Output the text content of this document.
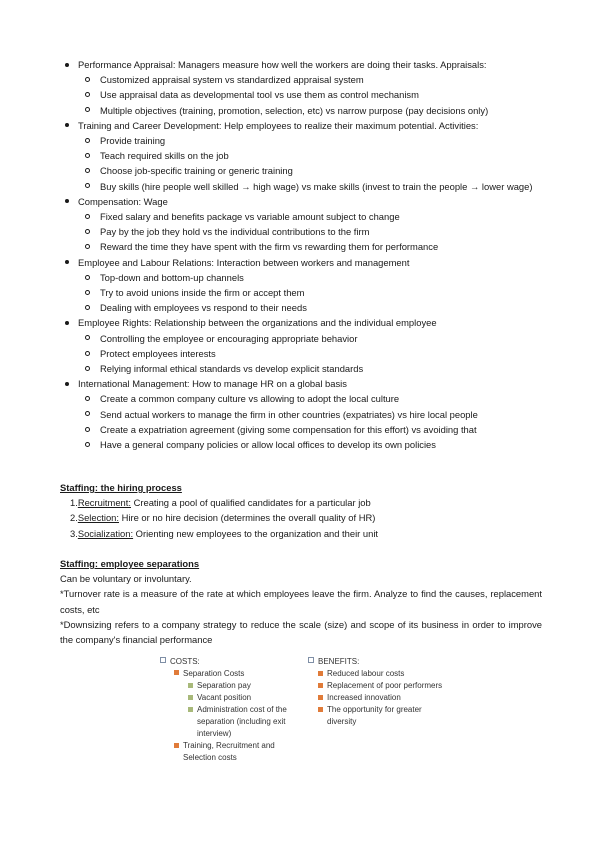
Performance Appraisal: Managers measure how well the workers are doing their tasks. Appraisals:
Customized appraisal system vs standardized appraisal system
Use appraisal data as developmental tool vs use them as control mechanism
Multiple objectives (training, promotion, selection, etc) vs narrow purpose (pay decisions only)
Training and Career Development: Help employees to realize their maximum potential. Activities:
Provide training
Teach required skills on the job
Choose job-specific training or generic training
Buy skills (hire people well skilled → high wage) vs make skills (invest to train the people → lower wage)
Compensation: Wage
Fixed salary and benefits package vs variable amount subject to change
Pay by the job they hold vs the individual contributions to the firm
Reward the time they have spent with the firm vs rewarding them for performance
Employee and Labour Relations: Interaction between workers and management
Top-down and bottom-up channels
Try to avoid unions inside the firm or accept them
Dealing with employees vs respond to their needs
Employee Rights: Relationship between the organizations and the individual employee
Controlling the employee or encouraging appropriate behavior
Protect employees interests
Relying informal ethical standards vs develop explicit standards
International Management: How to manage HR on a global basis
Create a common company culture vs allowing to adopt the local culture
Send actual workers to manage the firm in other countries (expatriates) vs hire local people
Create a expatriation agreement (giving some compensation for this effort) vs avoiding that
Have a general company policies or allow local offices to develop its own policies
Staffing: the hiring process
1.Recruitment: Creating a pool of qualified candidates for a particular job
2.Selection: Hire or no hire decision (determines the overall quality of HR)
3.Socialization: Orienting new employees to the organization and their unit
Staffing: employee separations
Can be voluntary or involuntary.
*Turnover rate is a measure of the rate at which employees leave the firm. Analyze to find the causes, replacement costs, etc
*Downsizing refers to a company strategy to reduce the scale (size) and scope of its business in order to improve the company's financial performance
COSTS:
Separation Costs
Separation pay
Vacant position
Administration cost of the separation (including exit interview)
Training, Recruitment and Selection costs
BENEFITS:
Reduced labour costs
Replacement of poor performers
Increased innovation
The opportunity for greater diversity
